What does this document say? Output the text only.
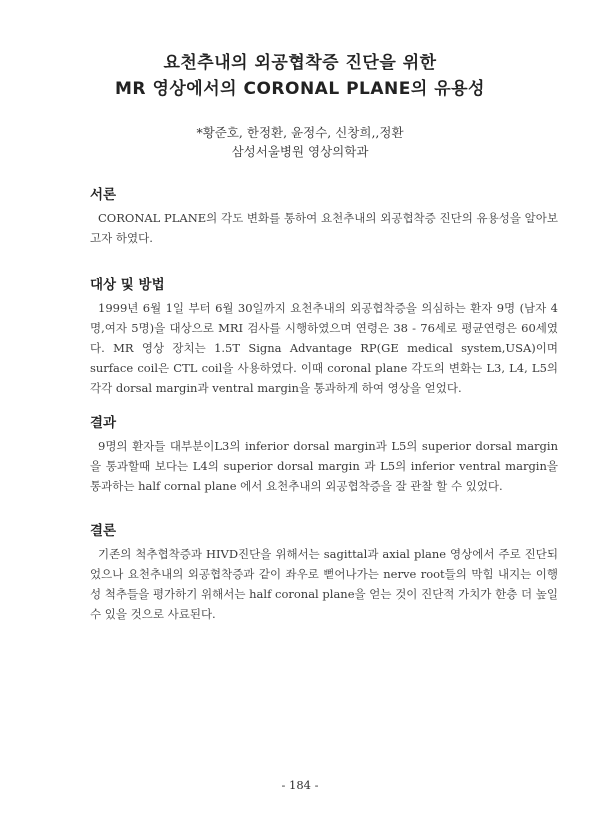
요천추내의 외공협착증 진단을 위한
MR 영상에서의 CORONAL PLANE의 유용성
*황준호, 한정환, 윤정수, 신창희,,정환
삼성서울병원 영상의학과
서론

CORONAL PLANE의 각도 변화를 통하여 요천추내의 외공협착증 진단의 유용성을 알아보고자 하였다.

대상 및 방법

1999년 6월 1일 부터 6월 30일까지 요천추내의 외공협착증을 의심하는 환자 9명 (남자 4명,여자 5명)을 대상으로 MRI 검사를 시행하였으며 연령은 38 - 76세로 평균연령은 60세였다. MR 영상 장치는 1.5T Signa Advantage RP(GE medical system,USA)이며 surface coil은 CTL coil을 사용하였다. 이때 coronal plane 각도의 변화는 L3, L4, L5의 각각 dorsal margin과 ventral margin을 통과하게 하여 영상을 얻었다.

결과

9명의 환자들 대부분이L3의 inferior dorsal margin과 L5의 superior dorsal margin을 통과할때 보다는 L4의 superior dorsal margin 과 L5의 inferior ventral margin을 통과하는 half cornal plane 에서 요천추내의 외공협착증을 잘 관찰 할 수 있었다.

결론

기존의 척추협착증과 HIVD진단을 위해서는 sagittal과 axial plane 영상에서 주로 진단되었으나 요천추내의 외공협착증과 같이 좌우로 뻗어나가는 nerve root들의 막힘 내지는 이행성 척추들을 평가하기 위해서는 half coronal plane을 얻는 것이 진단적 가치가 한층 더 높일 수 있을 것으로 사료된다.

- 184 -
